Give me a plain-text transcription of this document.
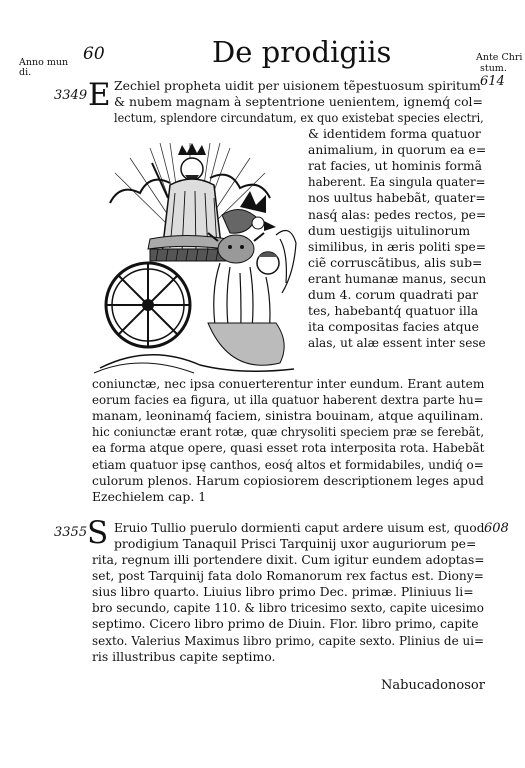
Anno mun
di.
60	De prodigiis	Ante Chri
stum.
3349
614
E Zechiel propheta uidit per uisionem tẽpestuosum spiritum
& nubem magnam à septentrione uenientem, ignemq́ col=
lectum, splendore circundatum, ex quo existebat species electri,
& identidem forma quatuor
animalium, in quorum ea e=
rat facies, ut hominis formã
haberent. Ea singula quater=
nos uultus habebãt, quater=
nasq́ alas: pedes rectos, pe=
dum uestigijs uitulinorum
similibus, in æris politi spe=
ciẽ corruscãtibus, alis sub=
erant humanæ manus, secun
dum 4. corum quadrati par
tes, habebantq́ quatuor illa
ita compositas facies atque
alas, ut alæ essent inter sese
coniunctæ, nec ipsa conuerterentur inter eundum. Erant autem
eorum facies ea figura, ut illa quatuor haberent dextra parte hu=
manam, leoninamq́ faciem, sinistra bouinam, atque aquilinam.
hic coniunctæ erant rotæ, quæ chrysoliti speciem præ se ferebãt,
ea forma atque opere, quasi esset rota interposita rota. Habebãt
etiam quatuor ipsę canthos, eosq́ altos et formidabiles, undiq́ o=
culorum plenos. Harum copiosiorem descriptionem leges apud
Ezechielem cap. 1
3355	608
S Eruio Tullio puerulo dormienti caput ardere uisum est, quod
prodigium Tanaquil Prisci Tarquinij uxor auguriorum pe=
rita, regnum illi portendere dixit. Cum igitur eundem adoptas=
set, post Tarquinij fata dolo Romanorum rex factus est. Diony=
sius libro quarto. Liuius libro primo Dec. primæ. Pliniuus li=
bro secundo, capite 110. & libro tricesimo sexto, capite uicesimo
septimo. Cicero libro primo de Diuin. Flor. libro primo, capite
sexto. Valerius Maximus libro primo, capite sexto. Plinius de ui=
ris illustribus capite septimo.
Nabucadonosor
